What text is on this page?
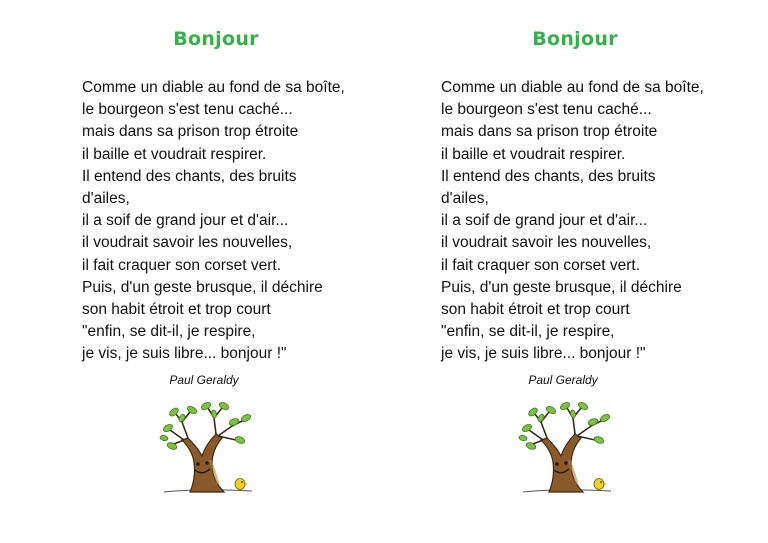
Bonjour
Comme un diable au fond de sa boîte,
le bourgeon s'est tenu caché...
mais dans sa prison trop étroite
il baille et voudrait respirer.
Il entend des chants, des bruits
d'ailes,
il a soif de grand jour et d'air...
il voudrait savoir les nouvelles,
il fait craquer son corset vert.
Puis, d'un geste brusque, il déchire
son habit étroit et trop court
"enfin, se dit-il, je respire,
je vis, je suis libre... bonjour !"

Paul Geraldy

Bonjour
Comme un diable au fond de sa boîte,
le bourgeon s'est tenu caché...
mais dans sa prison trop étroite
il baille et voudrait respirer.
Il entend des chants, des bruits
d'ailes,
il a soif de grand jour et d'air...
il voudrait savoir les nouvelles,
il fait craquer son corset vert.
Puis, d'un geste brusque, il déchire
son habit étroit et trop court
"enfin, se dit-il, je respire,
je vis, je suis libre... bonjour !"

Paul Geraldy
